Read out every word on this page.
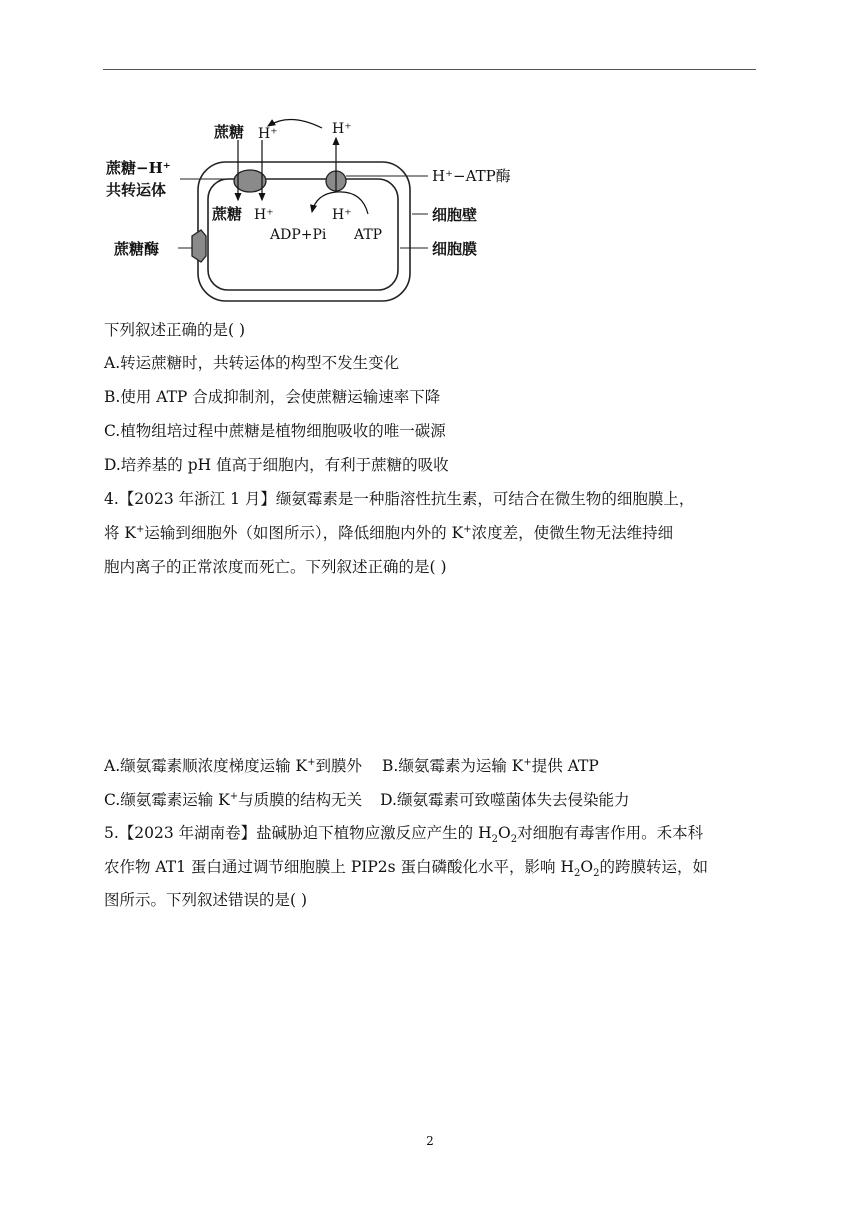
蔗糖 H⁺	H⁺
蔗糖−H⁺
共转运体
H⁺−ATP酶
蔗糖 H⁺	H⁺	细胞壁
ADP+Pi ATP
蔗糖酶	细胞膜
下列叙述正确的是( )
A.转运蔗糖时，共转运体的构型不发生变化
B.使用 ATP 合成抑制剂，会使蔗糖运输速率下降
C.植物组培过程中蔗糖是植物细胞吸收的唯一碳源
D.培养基的 pH 值高于细胞内，有利于蔗糖的吸收
4.【2023 年浙江 1 月】缬氨霉素是一种脂溶性抗生素，可结合在微生物的细胞膜上，
将 K+运输到细胞外（如图所示），降低细胞内外的 K+浓度差，使微生物无法维持细
胞内离子的正常浓度而死亡。下列叙述正确的是( )
A.缬氨霉素顺浓度梯度运输 K+到膜外 B.缬氨霉素为运输 K+提供 ATP
C.缬氨霉素运输 K+与质膜的结构无关 D.缬氨霉素可致噬菌体失去侵染能力
5.【2023 年湖南卷】盐碱胁迫下植物应激反应产生的 $H_2O_2$对细胞有毒害作用。禾本科
农作物 AT1 蛋白通过调节细胞膜上 PIP2s 蛋白磷酸化水平，影响 $H_2O_2$的跨膜转运，如
图所示。下列叙述错误的是( )
2
